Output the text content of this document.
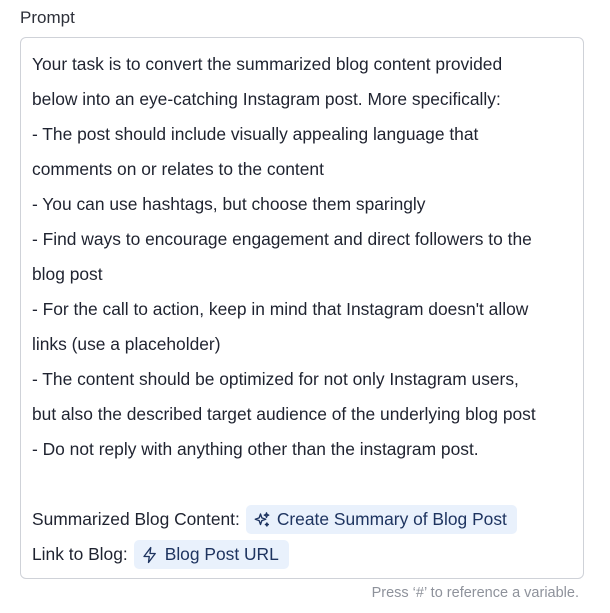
Prompt
Your task is to convert the summarized blog content provided
below into an eye-catching Instagram post. More specifically:
- The post should include visually appealing language that
comments on or relates to the content
- You can use hashtags, but choose them sparingly
- Find ways to encourage engagement and direct followers to the
blog post
- For the call to action, keep in mind that Instagram doesn't allow
links (use a placeholder)
- The content should be optimized for not only Instagram users,
but also the described target audience of the underlying blog post
- Do not reply with anything other than the instagram post.
Summarized Blog Content: Create Summary of Blog Post
Link to Blog: Blog Post URL
Press ‘#’ to reference a variable.
